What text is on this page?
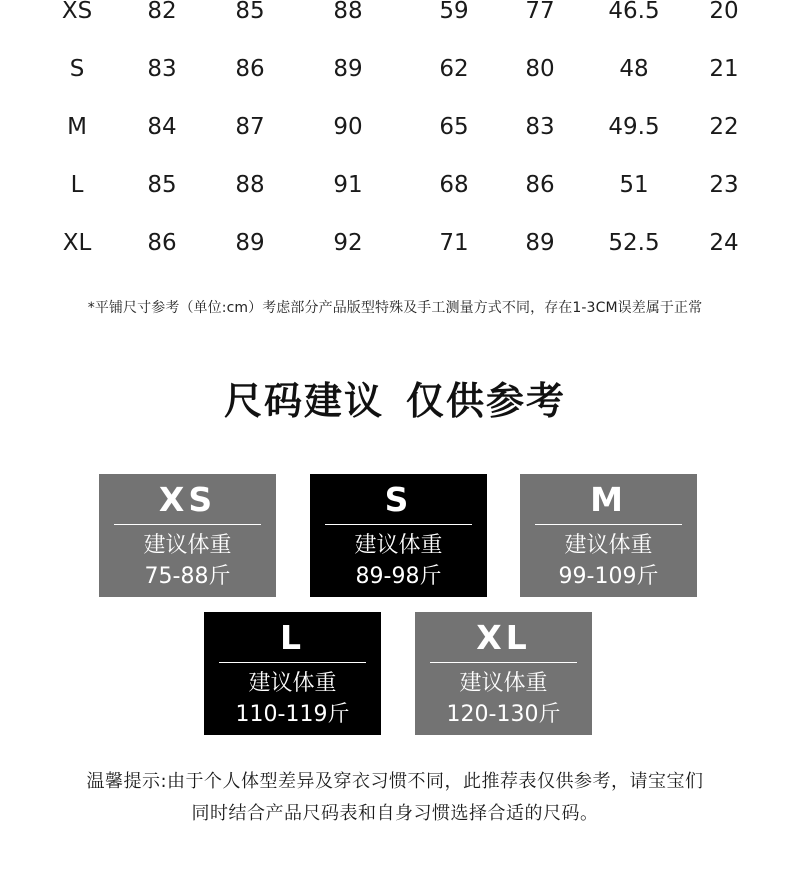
XS	82	85	88	59	77	46.5	20
S	83	86	89	62	80	48	21
M	84	87	90	65	83	49.5	22
L	85	88	91	68	86	51	23
XL	86	89	92	71	89	52.5	24
*平铺尺寸参考（单位:cm）考虑部分产品版型特殊及手工测量方式不同，存在1-3CM误差属于正常
尺码建议 仅供参考
XS
建议体重
75-88斤
S
建议体重
89-98斤
M
建议体重
99-109斤
L
建议体重
110-119斤
XL
建议体重
120-130斤
温馨提示:由于个人体型差异及穿衣习惯不同，此推荐表仅供参考，请宝宝们
同时结合产品尺码表和自身习惯选择合适的尺码。
